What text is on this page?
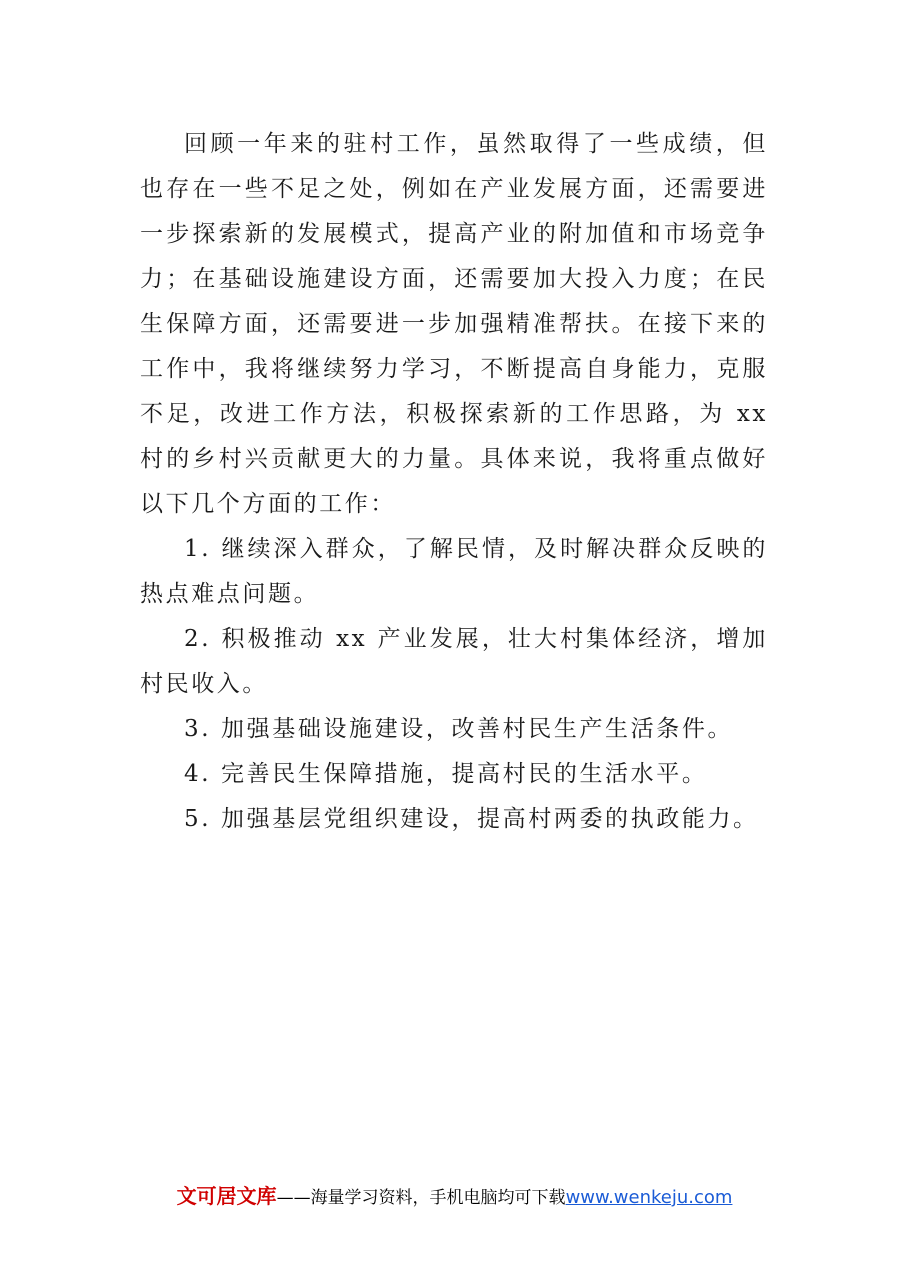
回顾一年来的驻村工作，虽然取得了一些成绩，但也存在一些不足之处，例如在产业发展方面，还需要进一步探索新的发展模式，提高产业的附加值和市场竞争力；在基础设施建设方面，还需要加大投入力度；在民生保障方面，还需要进一步加强精准帮扶。在接下来的工作中，我将继续努力学习，不断提高自身能力，克服不足，改进工作方法，积极探索新的工作思路，为 xx 村的乡村兴贡献更大的力量。具体来说，我将重点做好以下几个方面的工作：

1. 继续深入群众，了解民情，及时解决群众反映的热点难点问题。

2. 积极推动 xx 产业发展，壮大村集体经济，增加村民收入。

3. 加强基础设施建设，改善村民生产生活条件。

4. 完善民生保障措施，提高村民的生活水平。

5. 加强基层党组织建设，提高村两委的执政能力。

文可居文库——海量学习资料，手机电脑均可下载www.wenkeju.com
